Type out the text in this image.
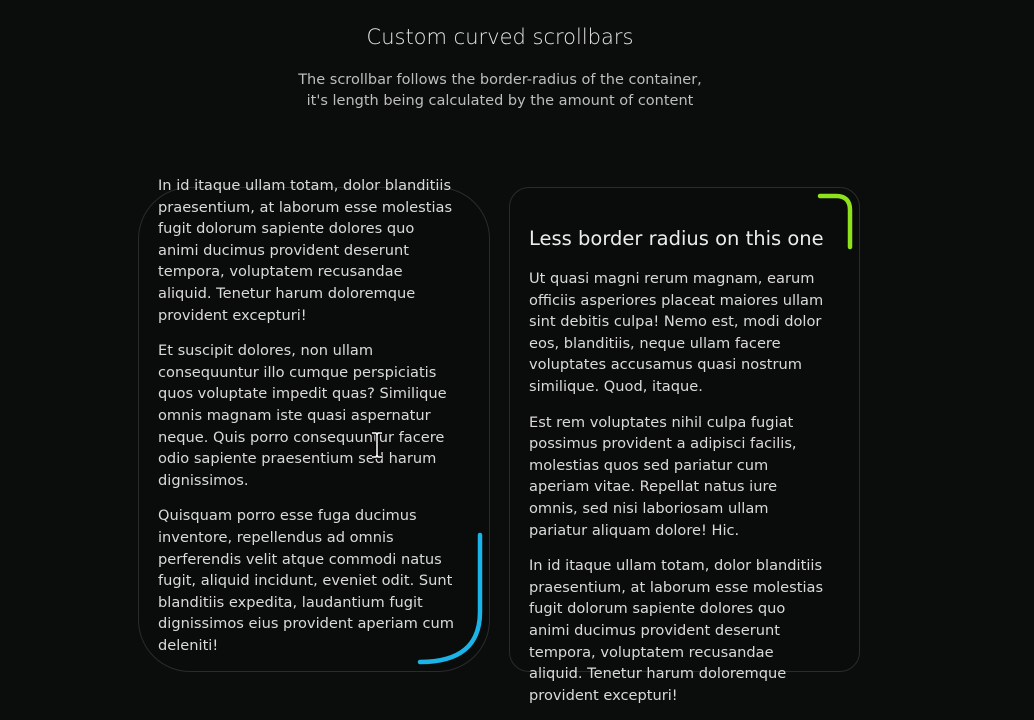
Custom curved scrollbars
The scrollbar follows the border-radius of the container,
it's length being calculated by the amount of content

In id itaque ullam totam, dolor blanditiis praesentium, at laborum esse molestias fugit dolorum sapiente dolores quo animi ducimus provident deserunt tempora, voluptatem recusandae aliquid. Tenetur harum doloremque provident excepturi!

Et suscipit dolores, non ullam consequuntur illo cumque perspiciatis quos voluptate impedit quas? Similique omnis magnam iste quasi aspernatur neque. Quis porro consequuntur facere odio sapiente praesentium sed harum dignissimos.

Quisquam porro esse fuga ducimus inventore, repellendus ad omnis perferendis velit atque commodi natus fugit, aliquid incidunt, eveniet odit. Sunt blanditiis expedita, laudantium fugit dignissimos eius provident aperiam cum deleniti!

Less border radius on this one

Ut quasi magni rerum magnam, earum officiis asperiores placeat maiores ullam sint debitis culpa! Nemo est, modi dolor eos, blanditiis, neque ullam facere voluptates accusamus quasi nostrum similique. Quod, itaque.

Est rem voluptates nihil culpa fugiat possimus provident a adipisci facilis, molestias quos sed pariatur cum aperiam vitae. Repellat natus iure omnis, sed nisi laboriosam ullam pariatur aliquam dolore! Hic.

In id itaque ullam totam, dolor blanditiis praesentium, at laborum esse molestias fugit dolorum sapiente dolores quo animi ducimus provident deserunt tempora, voluptatem recusandae aliquid. Tenetur harum doloremque provident excepturi!
